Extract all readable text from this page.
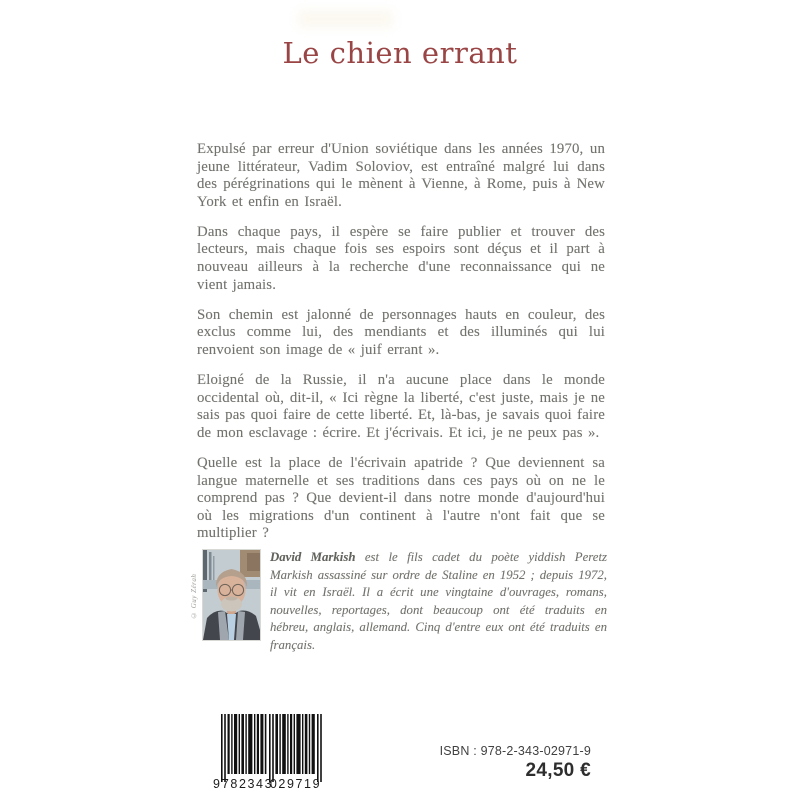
Le chien errant

Expulsé par erreur d'Union soviétique dans les années 1970, un jeune littérateur, Vadim Soloviov, est entraîné malgré lui dans des pérégrinations qui le mènent à Vienne, à Rome, puis à New York et enfin en Israël.

Dans chaque pays, il espère se faire publier et trouver des lecteurs, mais chaque fois ses espoirs sont déçus et il part à nouveau ailleurs à la recherche d'une reconnaissance qui ne vient jamais.

Son chemin est jalonné de personnages hauts en couleur, des exclus comme lui, des mendiants et des illuminés qui lui renvoient son image de « juif errant ».

Eloigné de la Russie, il n'a aucune place dans le monde occidental où, dit-il, « Ici règne la liberté, c'est juste, mais je ne sais pas quoi faire de cette liberté. Et, là-bas, je savais quoi faire de mon esclavage : écrire. Et j'écrivais. Et ici, je ne peux pas ».

Quelle est la place de l'écrivain apatride ? Que deviennent sa langue maternelle et ses traditions dans ces pays où on ne le comprend pas ? Que devient-il dans notre monde d'aujourd'hui où les migrations d'un continent à l'autre n'ont fait que se multiplier ?

© Guy Zérah
David Markish est le fils cadet du poète yiddish Peretz Markish assassiné sur ordre de Staline en 1952 ; depuis 1972, il vit en Israël. Il a écrit une vingtaine d'ouvrages, romans, nouvelles, reportages, dont beaucoup ont été traduits en hébreu, anglais, allemand. Cinq d'entre eux ont été traduits en français.
9 782343
029719

ISBN : 978-2-343-02971-9

24,50 €
